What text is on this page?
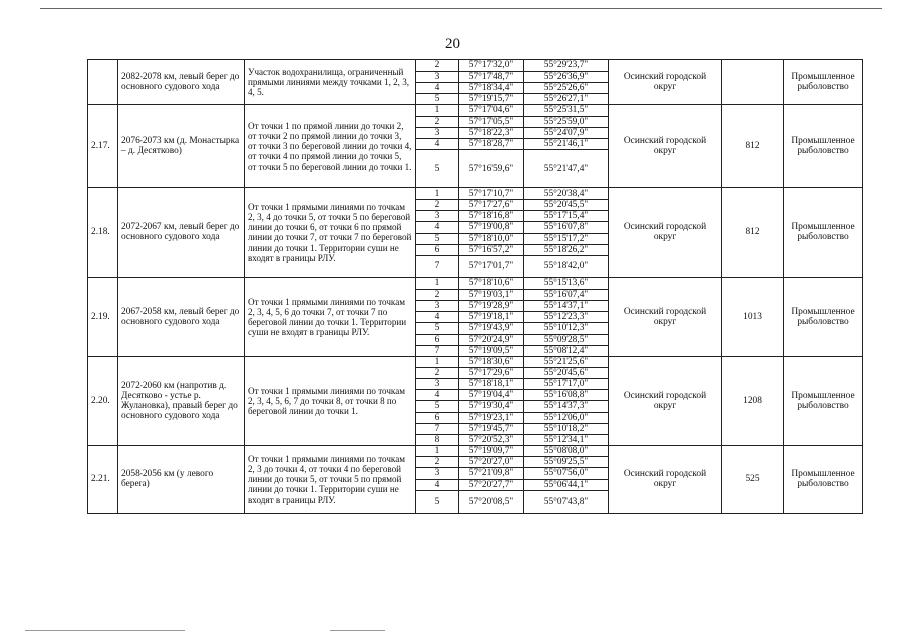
20
	2082-2078 км, левый берег до основного судового хода	Участок водохранилища, ограниченный прямыми линиями между точками 1, 2, 3, 4, 5.	2	57°17'32,0"	55°29'23,7"	Осинский городской округ		Промышленное рыболовство
			3	57°17'48,7"	55°26'36,9"			
			4	57°18'34,4"	55°25'26,6"			
			5	57°19'15,7"	55°26'27,1"			
2.17.	2076-2073 км (д. Монастырка – д. Десятково)	От точки 1 по прямой линии до точки 2, от точки 2 по прямой линии до точки 3, от точки 3 по береговой линии до точки 4, от точки 4 по прямой линии до точки 5, от точки 5 по береговой линии до точки 1.	1	57°17'04,6"	55°25'31,5"	Осинский городской округ	812	Промышленное рыболовство
			2	57°17'05,5"	55°25'59,0"			
			3	57°18'22,3"	55°24'07,9"			
			4	57°18'28,7"	55°21'46,1"			
			5	57°16'59,6"	55°21'47,4"			
2.18.	2072-2067 км, левый берег до основного судового хода	От точки 1 прямыми линиями по точкам 2, 3, 4 до точки 5, от точки 5 по береговой линии до точки 6, от точки 6 по прямой линии до точки 7, от точки 7 по береговой линии до точки 1. Территории суши не входят в границы РЛУ.	1	57°17'10,7"	55°20'38,4"	Осинский городской округ	812	Промышленное рыболовство
			2	57°17'27,6"	55°20'45,5"			
			3	57°18'16,8"	55°17'15,4"			
			4	57°19'00,8"	55°16'07,8"			
			5	57°18'10,0"	55°15'17,2"			
			6	57°16'57,2"	55°18'26,2"			
			7	57°17'01,7"	55°18'42,0"			
2.19.	2067-2058 км, левый берег до основного судового хода	От точки 1 прямыми линиями по точкам 2, 3, 4, 5, 6 до точки 7, от точки 7 по береговой линии до точки 1. Территории суши не входят в границы РЛУ.	1	57°18'10,6"	55°15'13,6"	Осинский городской округ	1013	Промышленное рыболовство
			2	57°19'03,1"	55°16'07,4"			
			3	57°19'28,9"	55°14'37,1"			
			4	57°19'18,1"	55°12'23,3"			
			5	57°19'43,9"	55°10'12,3"			
			6	57°20'24,9"	55°09'28,5"			
			7	57°19'09,5"	55°08'12,4"			
2.20.	2072-2060 км (напротив д. Десятково - устье р. Жулановка), правый берег до основного судового хода	От точки 1 прямыми линиями по точкам 2, 3, 4, 5, 6, 7 до точки 8, от точки 8 по береговой линии до точки 1.	1	57°18'30,6"	55°21'25,6"	Осинский городской округ	1208	Промышленное рыболовство
			2	57°17'29,6"	55°20'45,6"			
			3	57°18'18,1"	55°17'17,0"			
			4	57°19'04,4"	55°16'08,8"			
			5	57°19'30,4"	55°14'37,3"			
			6	57°19'23,1"	55°12'06,0"			
			7	57°19'45,7"	55°10'18,2"			
			8	57°20'52,3"	55°12'34,1"			
2.21.	2058-2056 км (у левого берега)	От точки 1 прямыми линиями по точкам 2, 3 до точки 4, от точки 4 по береговой линии до точки 5, от точки 5 по прямой линии до точки 1. Территории суши не входят в границы РЛУ.	1	57°19'09,7"	55°08'08,0"	Осинский городской округ	525	Промышленное рыболовство
			2	57°20'27,0"	55°09'25,5"			
			3	57°21'09,8"	55°07'56,0"			
			4	57°20'27,7"	55°06'44,1"			
			5	57°20'08,5"	55°07'43,8"			
